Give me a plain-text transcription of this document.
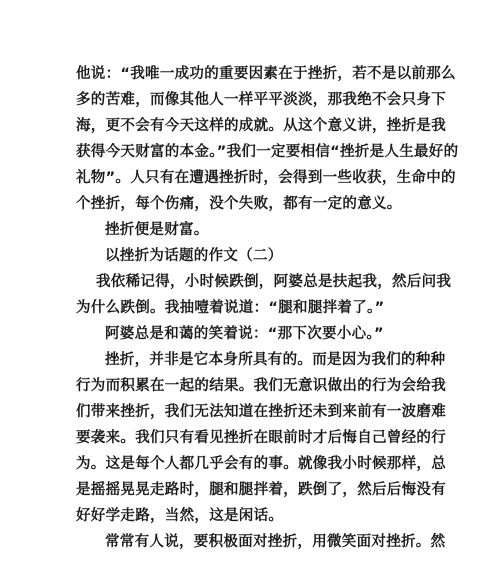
他说：“我唯一成功的重要因素在于挫折，若不是以前那么
多的苦难，而像其他人一样平平淡淡，那我绝不会只身下
海，更不会有今天这样的成就。从这个意义讲，挫折是我
获得今天财富的本金。”我们一定要相信“挫折是人生最好的
礼物”。人只有在遭遇挫折时，会得到一些收获，生命中的
个挫折，每个伤痛，没个失败，都有一定的意义。
挫折便是财富。
以挫折为话题的作文（二）
我依稀记得，小时候跌倒，阿婆总是扶起我，然后问我
为什么跌倒。我抽噎着说道：“腿和腿拌着了。”
阿婆总是和蔼的笑着说：“那下次要小心。”
挫折，并非是它本身所具有的。而是因为我们的种种
行为而积累在一起的结果。我们无意识做出的行为会给我
们带来挫折，我们无法知道在挫折还未到来前有一波磨难
要袭来。我们只有看见挫折在眼前时才后悔自己曾经的行
为。这是每个人都几乎会有的事。就像我小时候那样，总
是摇摇晃晃走路时，腿和腿拌着，跌倒了，然后后悔没有
好好学走路，当然，这是闲话。
常常有人说，要积极面对挫折，用微笑面对挫折。然
